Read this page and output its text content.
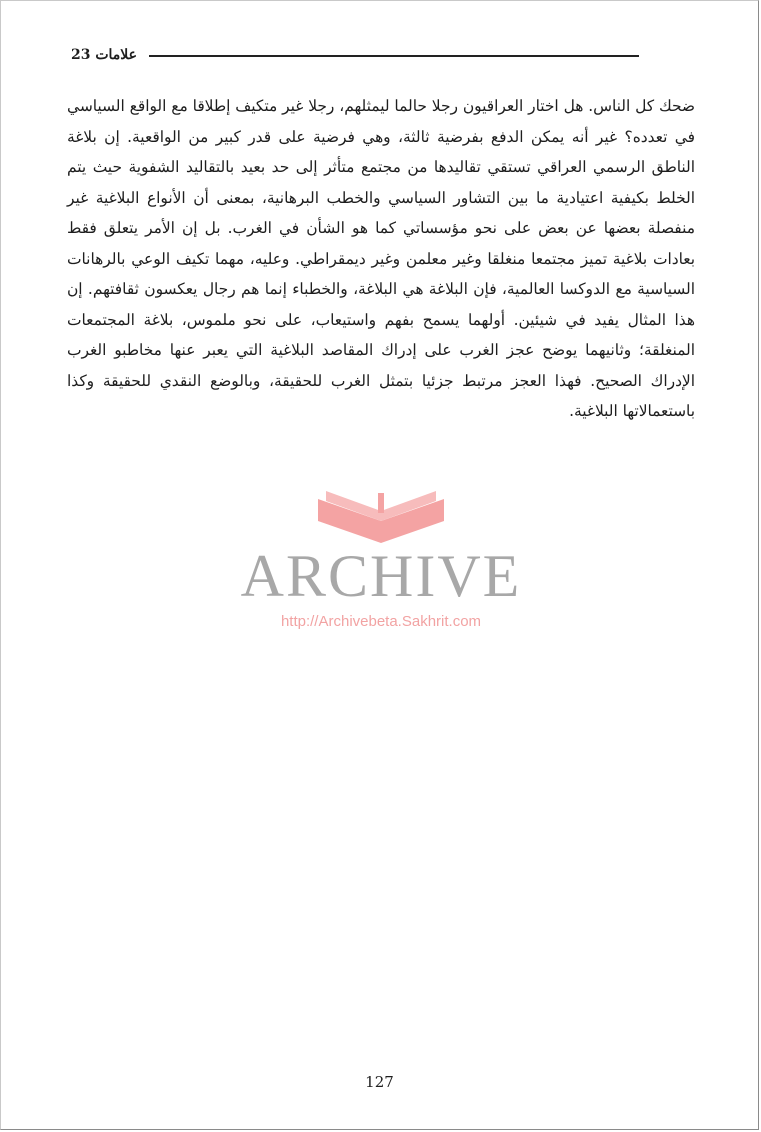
علامات 23

ضحك كل الناس. هل اختار العراقيون رجلا حالما ليمثلهم، رجلا غير متكيف إطلاقا مع الواقع السياسي في تعدده؟ غير أنه يمكن الدفع بفرضية ثالثة، وهي فرضية على قدر كبير من الواقعية. إن بلاغة الناطق الرسمي العراقي تستقي تقاليدها من مجتمع متأثر إلى حد بعيد بالتقاليد الشفوية حيث يتم الخلط بكيفية اعتيادية ما بين التشاور السياسي والخطب البرهانية، بمعنى أن الأنواع البلاغية غير منفصلة بعضها عن بعض على نحو مؤسساتي كما هو الشأن في الغرب. بل إن الأمر يتعلق فقط بعادات بلاغية تميز مجتمعا منغلقا وغير معلمن وغير ديمقراطي. وعليه، مهما تكيف الوعي بالرهانات السياسية مع الدوكسا العالمية، فإن البلاغة هي البلاغة، والخطباء إنما هم رجال يعكسون ثقافتهم. إن هذا المثال يفيد في شيئين. أولهما يسمح بفهم واستيعاب، على نحو ملموس، بلاغة المجتمعات المنغلقة؛ وثانيهما يوضح عجز الغرب على إدراك المقاصد البلاغية التي يعبر عنها مخاطبو الغرب الإدراك الصحيح. فهذا العجز مرتبط جزئيا بتمثل الغرب للحقيقة، وبالوضع النقدي للحقيقة وكذا باستعمالاتها البلاغية.

ARCHIVE
http://Archivebeta.Sakhrit.com
127
